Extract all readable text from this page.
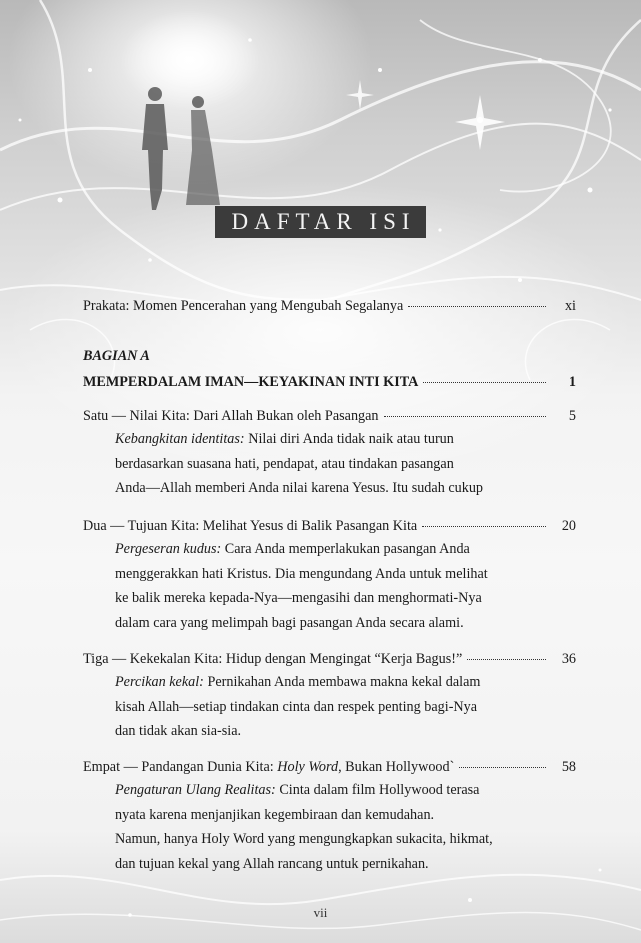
DAFTAR ISI
Prakata: Momen Pencerahan yang Mengubah Segalanya	xi
BAGIAN A
MEMPERDALAM IMAN—KEYAKINAN INTI KITA	1
Satu — Nilai Kita: Dari Allah Bukan oleh Pasangan	5
Kebangkitan identitas: Nilai diri Anda tidak naik atau turun
berdasarkan suasana hati, pendapat, atau tindakan pasangan
Anda—Allah memberi Anda nilai karena Yesus. Itu sudah cukup
Dua — Tujuan Kita: Melihat Yesus di Balik Pasangan Kita	20
Pergeseran kudus: Cara Anda memperlakukan pasangan Anda
menggerakkan hati Kristus. Dia mengundang Anda untuk melihat
ke balik mereka kepada-Nya—mengasihi dan menghormati-Nya
dalam cara yang melimpah bagi pasangan Anda secara alami.
Tiga — Kekekalan Kita: Hidup dengan Mengingat “Kerja Bagus!”	36
Percikan kekal: Pernikahan Anda membawa makna kekal dalam
kisah Allah—setiap tindakan cinta dan respek penting bagi-Nya
dan tidak akan sia-sia.
Empat — Pandangan Dunia Kita: Holy Word, Bukan Hollywood`	58
Pengaturan Ulang Realitas: Cinta dalam film Hollywood terasa
nyata karena menjanjikan kegembiraan dan kemudahan.
Namun, hanya Holy Word yang mengungkapkan sukacita, hikmat,
dan tujuan kekal yang Allah rancang untuk pernikahan.
vii
